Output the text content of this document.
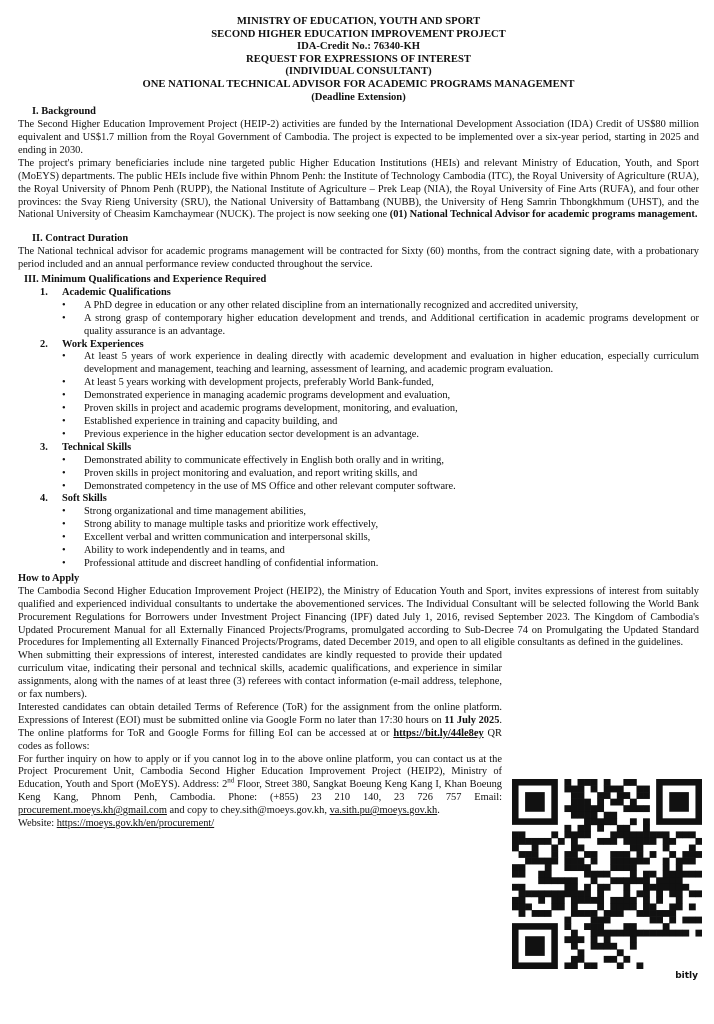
MINISTRY OF EDUCATION, YOUTH AND SPORT
SECOND HIGHER EDUCATION IMPROVEMENT PROJECT
IDA-Credit No.: 76340-KH
REQUEST FOR EXPRESSIONS OF INTEREST
(INDIVIDUAL CONSULTANT)
ONE NATIONAL TECHNICAL ADVISOR FOR ACADEMIC PROGRAMS MANAGEMENT
(Deadline Extension)
I. Background

The Second Higher Education Improvement Project (HEIP-2) activities are funded by the International Development Association (IDA) Credit of US$80 million equivalent and US$1.7 million from the Royal Government of Cambodia. The project is expected to be implemented over a six-year period, starting in 2025 and ending in 2030.

The project's primary beneficiaries include nine targeted public Higher Education Institutions (HEIs) and relevant Ministry of Education, Youth, and Sport (MoEYS) departments. The public HEIs include five within Phnom Penh: the Institute of Technology Cambodia (ITC), the Royal University of Agriculture (RUA), the Royal University of Phnom Penh (RUPP), the National Institute of Agriculture – Prek Leap (NIA), the Royal University of Fine Arts (RUFA), and four other provinces: the Svay Rieng University (SRU), the National University of Battambang (NUBB), the University of Heng Samrin Thbongkhmum (UHST), and the National University of Cheasim Kamchaymear (NUCK). The project is now seeking one (01) National Technical Advisor for academic programs management.

II. Contract Duration

The National technical advisor for academic programs management will be contracted for Sixty (60) months, from the contract signing date, with a probationary period included and an annual performance review conducted throughout the service.

III. Minimum Qualifications and Experience Required
1. Academic Qualifications
• A PhD degree in education or any other related discipline from an internationally recognized and accredited university,
• A strong grasp of contemporary higher education development and trends, and Additional certification in academic programs development or quality assurance is an advantage.
2. Work Experiences
• At least 5 years of work experience in dealing directly with academic development and evaluation in higher education, especially curriculum development and management, teaching and learning, assessment of learning, and academic program evaluation.
• At least 5 years working with development projects, preferably World Bank-funded,
• Demonstrated experience in managing academic programs development and evaluation,
• Proven skills in project and academic programs development, monitoring, and evaluation,
• Established experience in training and capacity building, and
• Previous experience in the higher education sector development is an advantage.
3. Technical Skills
• Demonstrated ability to communicate effectively in English both orally and in writing,
• Proven skills in project monitoring and evaluation, and report writing skills, and
• Demonstrated competency in the use of MS Office and other relevant computer software.
4. Soft Skills
• Strong organizational and time management abilities,
• Strong ability to manage multiple tasks and prioritize work effectively,
• Excellent verbal and written communication and interpersonal skills,
• Ability to work independently and in teams, and
• Professional attitude and discreet handling of confidential information.
How to Apply

The Cambodia Second Higher Education Improvement Project (HEIP2), the Ministry of Education Youth and Sport, invites expressions of interest from suitably qualified and experienced individual consultants to undertake the abovementioned services. The Individual Consultant will be selected following the World Bank Procurement Regulations for Borrowers under Investment Project Financing (IPF) dated July 1, 2016, revised September 2023. The Kingdom of Cambodia's Updated Procurement Manual for all Externally Financed Projects/Programs, promulgated according to Sub-Decree 74 on Promulgating the Updated Standard Procedures for Implementing all Externally Financed Projects/Programs, dated December 2019, and open to all eligible consultants as defined in the guidelines.

When submitting their expressions of interest, interested candidates are kindly requested to provide their updated curriculum vitae, indicating their personal and technical skills, academic qualifications, and experience in similar assignments, along with the names of at least three (3) referees with contact information (e-mail address, telephone, or fax numbers).

Interested candidates can obtain detailed Terms of Reference (ToR) for the assignment from the online platform. Expressions of Interest (EOI) must be submitted online via Google Form no later than 17:30 hours on 11 July 2025. The online platforms for ToR and Google Forms for filling EoI can be accessed at or https://bit.ly/44le8ey QR codes as follows:

For further inquiry on how to apply or if you cannot log in to the above online platform, you can contact us at the Project Procurement Unit, Cambodia Second Higher Education Improvement Project (HEIP2), Ministry of Education, Youth and Sport (MoEYS). Address: 2nd Floor, Street 380, Sangkat Boeung Keng Kang I, Khan Boeung Keng Kang, Phnom Penh, Cambodia. Phone: (+855) 23 210 140, 23 726 757 Email: procurement.moeys.kh@gmail.com and copy to chey.sith@moeys.gov.kh, va.sith.pu@moeys.gov.kh.

Website: https://moeys.gov.kh/en/procurement/

bitly
